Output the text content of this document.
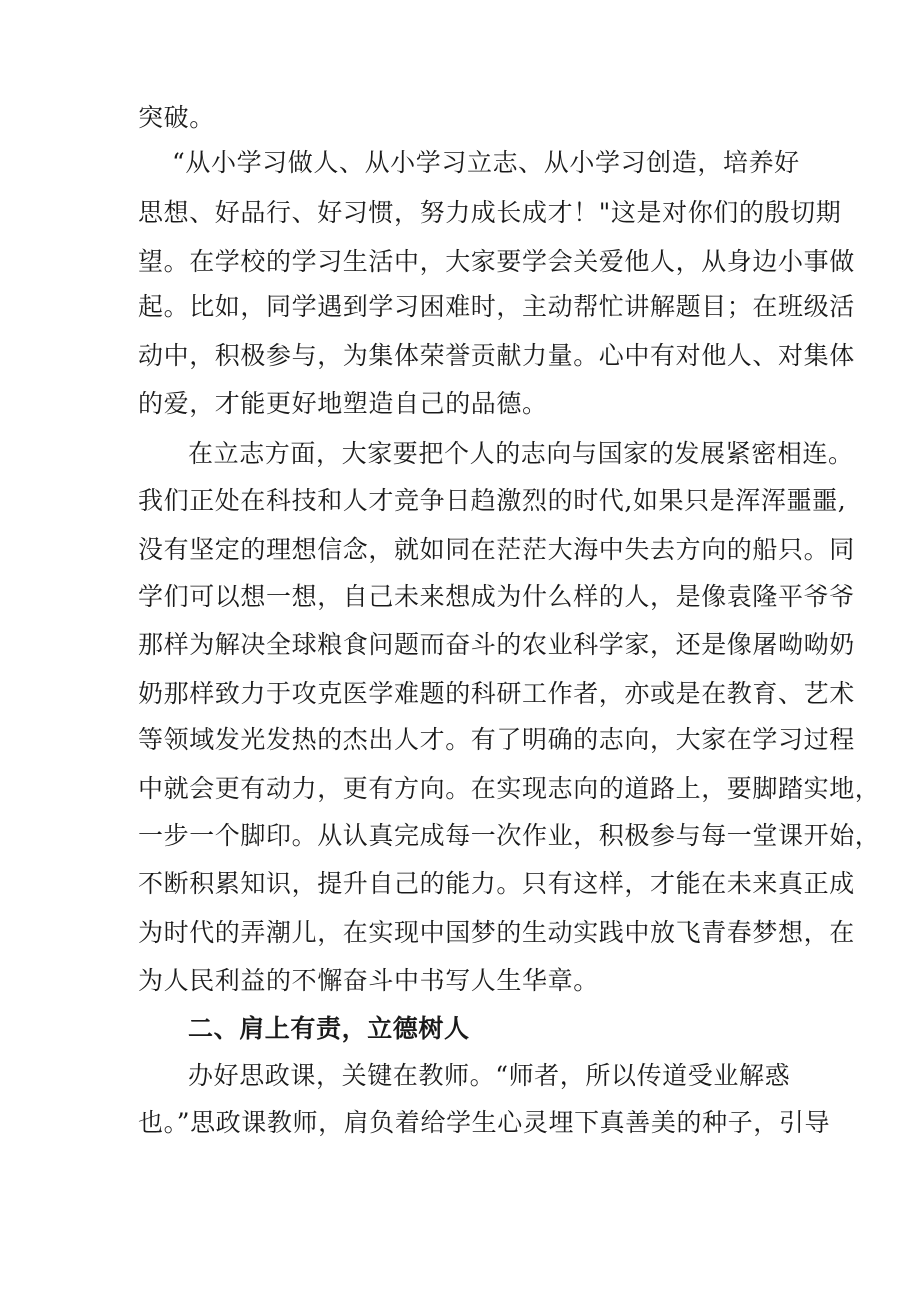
突破。
“从小学习做人、从小学习立志、从小学习创造，培养好
思想、好品行、好习惯，努力成长成才！"这是对你们的殷切期
望。在学校的学习生活中，大家要学会关爱他人，从身边小事做
起。比如，同学遇到学习困难时，主动帮忙讲解题目；在班级活
动中，积极参与，为集体荣誉贡献力量。心中有对他人、对集体
的爱，才能更好地塑造自己的品德。
在立志方面，大家要把个人的志向与国家的发展紧密相连。
我们正处在科技和人才竞争日趋激烈的时代,如果只是浑浑噩噩,
没有坚定的理想信念，就如同在茫茫大海中失去方向的船只。同
学们可以想一想，自己未来想成为什么样的人，是像袁隆平爷爷
那样为解决全球粮食问题而奋斗的农业科学家，还是像屠呦呦奶
奶那样致力于攻克医学难题的科研工作者，亦或是在教育、艺术
等领域发光发热的杰出人才。有了明确的志向，大家在学习过程
中就会更有动力，更有方向。在实现志向的道路上，要脚踏实地，
一步一个脚印。从认真完成每一次作业，积极参与每一堂课开始，
不断积累知识，提升自己的能力。只有这样，才能在未来真正成
为时代的弄潮儿，在实现中国梦的生动实践中放飞青春梦想，在
为人民利益的不懈奋斗中书写人生华章。
二、肩上有责，立德树人
办好思政课，关键在教师。“师者，所以传道受业解惑
也。”思政课教师，肩负着给学生心灵埋下真善美的种子，引导
